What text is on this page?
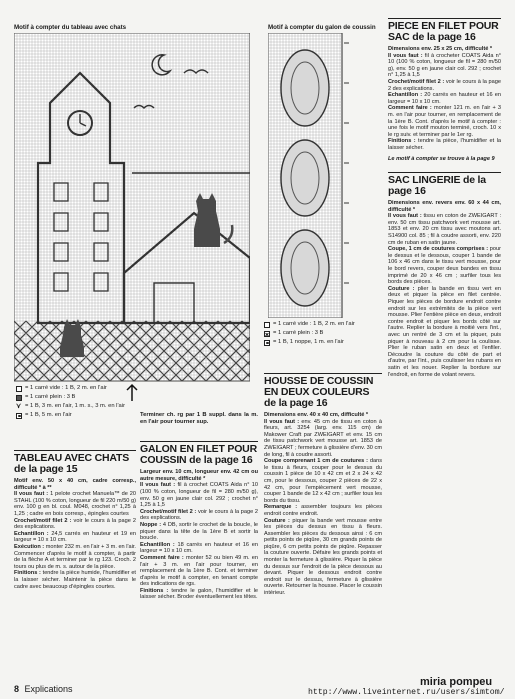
Motif à compter du tableau avec chats	Motif à compter du galon de coussin
= 1 carré vide : 1 B, 2 m. en l'air
= 1 carré plein : 3 B
⋎ = 1 B, 3 m. en l'air, 1 m. s., 3 m. en l'air
= 1 B, 5 m. en l'air
= 1 carré vide : 1 B, 2 m. en l'air
= 1 carré plein : 3 B
= 1 B, 1 noppe, 1 m. en l'air
TABLEAU AVEC CHATS de la page 15

Motif env. 50 x 40 cm, cadre corresp., difficulté * à **

Il vous faut : 1 pelote crochet Manuela™ de 20 STAHL (100 % coton, longueur de fil 220 m/50 g) env. 100 g en bl. coul. M048, crochet n° 1,25 à 1,25 ; cadre en bois corresp., épingles courtes

Crochet/motif filet 2 : voir le cours à la page 2 des explications.

Echantillon : 24,5 carrés en hauteur et 19 en largeur = 10 x 10 cm.

Exécution : monter 232 m. en l'air + 3 m. en l'air. Commencer d'après le motif à compter, à partir de la flèche A et terminer par le rg 123. Croch. 2 tours ou plus de m. s. autour de la pièce.

Finitions : tendre la pièce humide, l'humidifier et la laisser sécher. Maintenir la pièce dans le cadre avec beaucoup d'épingles courtes.

Terminer ch. rg par 1 B suppl. dans la m. en l'air pour tourner sup.
GALON EN FILET POUR COUSSIN de la page 16

Largeur env. 10 cm, longueur env. 42 cm ou autre mesure, difficulté *

Il vous faut : fil à crochet COATS Aida n° 10 (100 % coton, longueur de fil = 280 m/50 g), env. 50 g en jaune clair col. 292 ; crochet n° 1,25 à 1,5

Crochet/motif filet 2 : voir le cours à la page 2 des explications.

Noppe : 4 DB, sortir le crochet de la boucle, le piquer dans la tête de la 1ère B et sortir la boucle.

Echantillon : 18 carrés en hauteur et 16 en largeur = 10 x 10 cm.

Comment faire : monter 52 ou bien 49 m. en l'air + 3 m. en l'air pour tourner, en remplacement de la 1ère B. Cont. et terminer d'après le motif à compter, en tenant compte des indications de rgs.

Finitions : tendre le galon, l'humidifier et le laisser sécher. Broder éventuellement les têtes.

HOUSSE DE COUSSIN EN DEUX COULEURS de la page 16

Dimensions env. 40 x 40 cm, difficulté *

Il vous faut : env. 45 cm de tissu en coton à fleurs, art. 3254 (larg. env. 115 cm) de Makower Craft par ZWEIGART et env. 15 cm de tissu patchwork vert mousse art. 1853 de ZWEIGART ; fermeture à glissière d'env. 30 cm de long, fil à coudre assorti.

Coupe comprenant 1 cm de coutures : dans le tissu à fleurs, couper pour le dessus du coussin 1 pièce de 10 x 42 cm et 2 x 24 x 42 cm, pour le dessous, couper 2 pièces de 22 x 42 cm, pour l'empiècement vert mousse, couper 1 bande de 12 x 42 cm ; surfiler tous les bords du tissu.

Remarque : assembler toujours les pièces endroit contre endroit.

Couture : piquer la bande vert mousse entre les pièces du dessus en tissu à fleurs. Assembler les pièces du dessous ainsi : 6 cm petits points de piqûre, 30 cm grands points de piqûre, 6 cm petits points de piqûre. Repasser la couture ouverte. Défaire les grands points et monter la fermeture à glissière. Piquer la pièce du dessus sur l'endroit de la pièce dessous au devant. Piquer le dessous endroit contre endroit sur le dessus, fermeture à glissière ouverte. Retourner la housse. Placer le coussin intérieur.

PIECE EN FILET POUR SAC de la page 16

Dimensions env. 25 x 25 cm, difficulté *

Il vous faut : fil à crocheter COATS Aida n° 10 (100 % coton, longueur de fil = 280 m/50 g), env. 50 g en jaune clair col. 292 ; crochet n° 1,25 à 1,5

Crochet/motif filet 2 : voir le cours à la page 2 des explications.

Echantillon : 20 carrés en hauteur et 16 en largeur = 10 x 10 cm.

Comment faire : monter 121 m. en l'air + 3 m. en l'air pour tourner, en remplacement de la 1ère B. Cont. d'après le motif à compter : une fois le motif mouton terminé, croch. 10 x le rg suiv. et terminer par le 1er rg.

Finitions : tendre la pièce, l'humidifier et la laisser sécher.

Le motif à compter se trouve à la page 9
SAC LINGERIE de la page 16

Dimensions env. revers env. 60 x 44 cm, difficulté *

Il vous faut : tissu en coton de ZWEIGART : env. 50 cm tissu patchwork vert mousse art. 1853 et env. 20 cm tissu avec moutons art. S14900 col. 85 ; fil à coudre assorti, env. 220 cm de ruban en satin jaune.

Coupe, 1 cm de coutures comprises : pour le dessus et le dessous, couper 1 bande de 106 x 46 cm dans le tissu vert mousse, pour le bord revers, couper deux bandes en tissu imprimé de 20 x 46 cm ; surfiler tous les bords des pièces.

Couture : plier la bande en tissu vert en deux et piquer la pièce en filet centrée. Piquer les pièces de bordure endroit contre endroit sur les extrémités de la pièce vert mousse. Plier l'entière pièce en deux, endroit contre endroit et piquer les bords côté sur l'autre. Replier la bordure à moitié vers l'int., avec un rentré de 3 cm et la piquer, puis piquer à nouveau à 2 cm pour la coulisse. Plier le ruban satin en deux et l'enfiler. Découdre la couture du côté de part et d'autre, par l'int., puis coulisser les rubans en satin et les nouer. Replier la bordure sur l'endroit, en forme de volant revers.

8 Explications
miria pompeu
http://www.liveinternet.ru/users/simtom/
